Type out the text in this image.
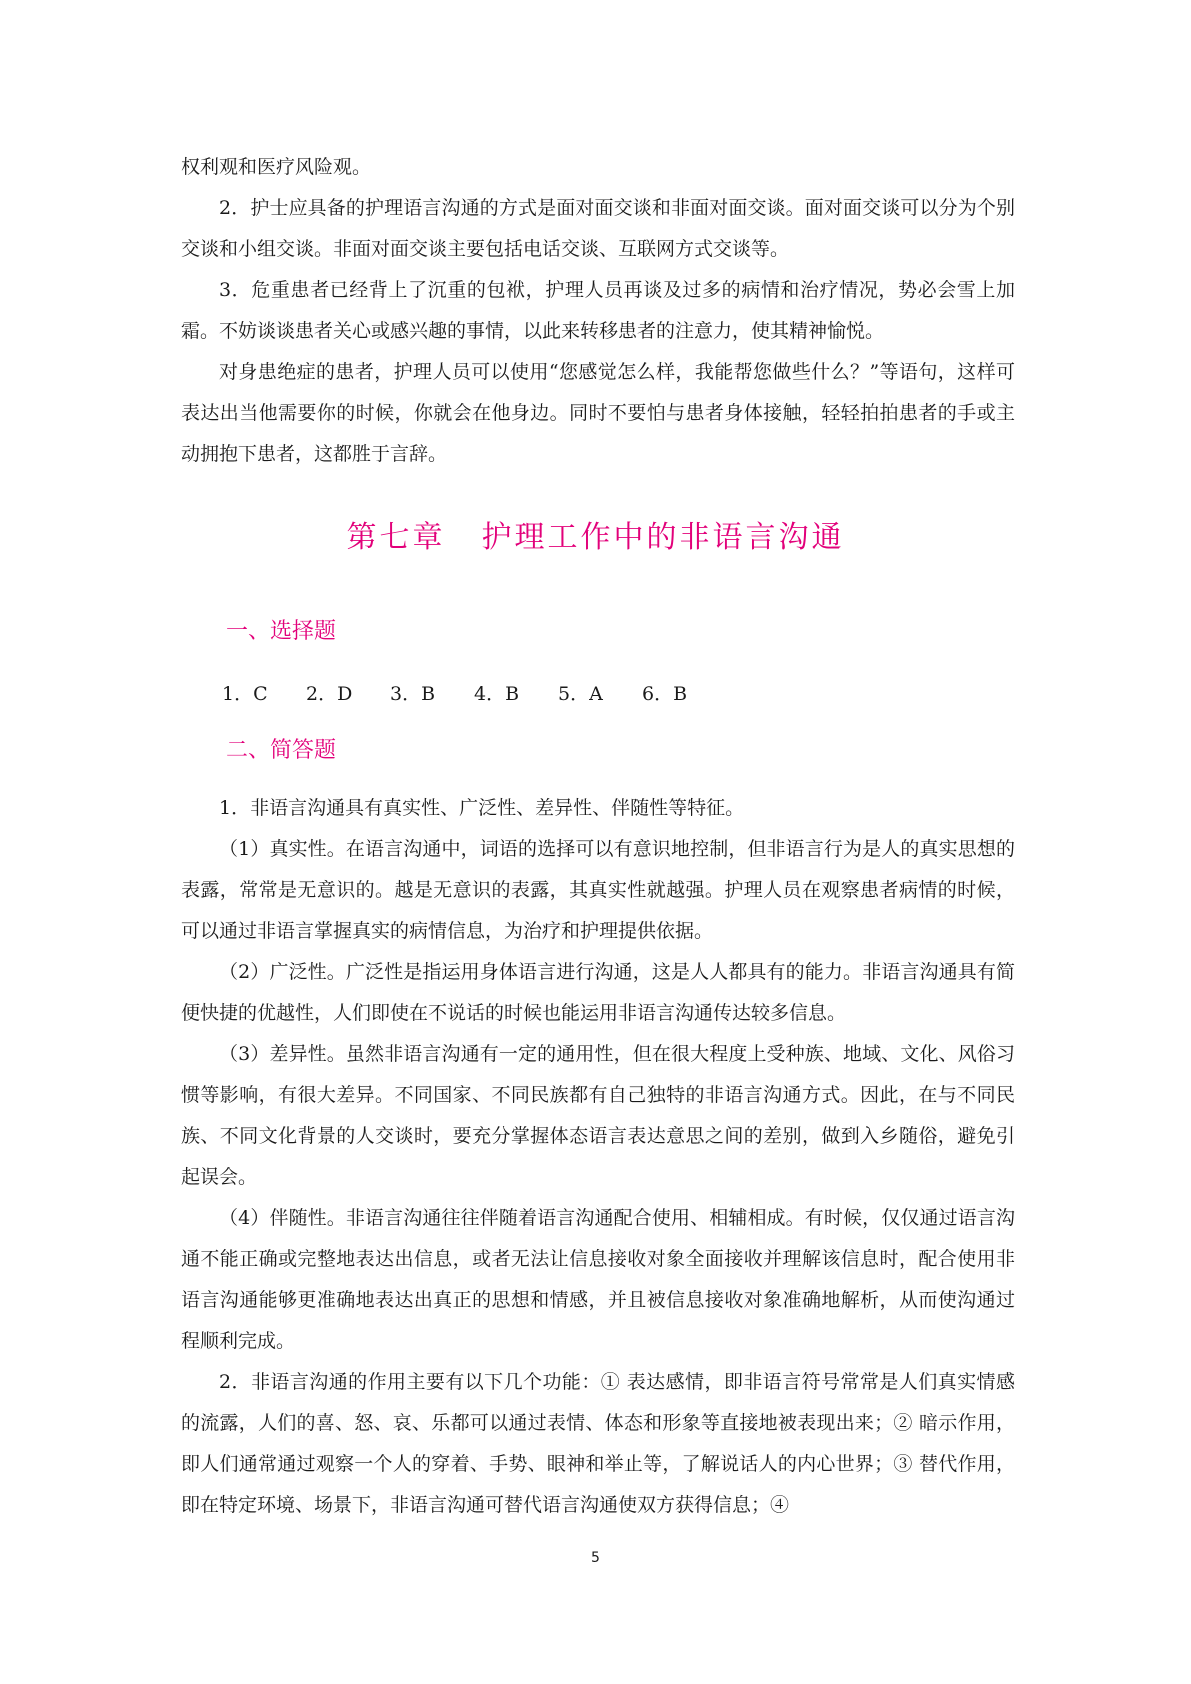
权利观和医疗风险观。

2．护士应具备的护理语言沟通的方式是面对面交谈和非面对面交谈。面对面交谈可以分为个别交谈和小组交谈。非面对面交谈主要包括电话交谈、互联网方式交谈等。

3．危重患者已经背上了沉重的包袱，护理人员再谈及过多的病情和治疗情况，势必会雪上加霜。不妨谈谈患者关心或感兴趣的事情，以此来转移患者的注意力，使其精神愉悦。

对身患绝症的患者，护理人员可以使用“您感觉怎么样，我能帮您做些什么？”等语句，这样可表达出当他需要你的时候，你就会在他身边。同时不要怕与患者身体接触，轻轻拍拍患者的手或主动拥抱下患者，这都胜于言辞。

第七章 护理工作中的非语言沟通
一、选择题
1．C	2．D	3．B	4．B	5．A	6．B
二、简答题

1．非语言沟通具有真实性、广泛性、差异性、伴随性等特征。

（1）真实性。在语言沟通中，词语的选择可以有意识地控制，但非语言行为是人的真实思想的表露，常常是无意识的。越是无意识的表露，其真实性就越强。护理人员在观察患者病情的时候，可以通过非语言掌握真实的病情信息，为治疗和护理提供依据。

（2）广泛性。广泛性是指运用身体语言进行沟通，这是人人都具有的能力。非语言沟通具有简便快捷的优越性，人们即使在不说话的时候也能运用非语言沟通传达较多信息。

（3）差异性。虽然非语言沟通有一定的通用性，但在很大程度上受种族、地域、文化、风俗习惯等影响，有很大差异。不同国家、不同民族都有自己独特的非语言沟通方式。因此，在与不同民族、不同文化背景的人交谈时，要充分掌握体态语言表达意思之间的差别，做到入乡随俗，避免引起误会。

（4）伴随性。非语言沟通往往伴随着语言沟通配合使用、相辅相成。有时候，仅仅通过语言沟通不能正确或完整地表达出信息，或者无法让信息接收对象全面接收并理解该信息时，配合使用非语言沟通能够更准确地表达出真正的思想和情感，并且被信息接收对象准确地解析，从而使沟通过程顺利完成。

2．非语言沟通的作用主要有以下几个功能：① 表达感情，即非语言符号常常是人们真实情感的流露，人们的喜、怒、哀、乐都可以通过表情、体态和形象等直接地被表现出来；② 暗示作用，即人们通常通过观察一个人的穿着、手势、眼神和举止等，了解说话人的内心世界；③ 替代作用，即在特定环境、场景下，非语言沟通可替代语言沟通使双方获得信息；④

5
